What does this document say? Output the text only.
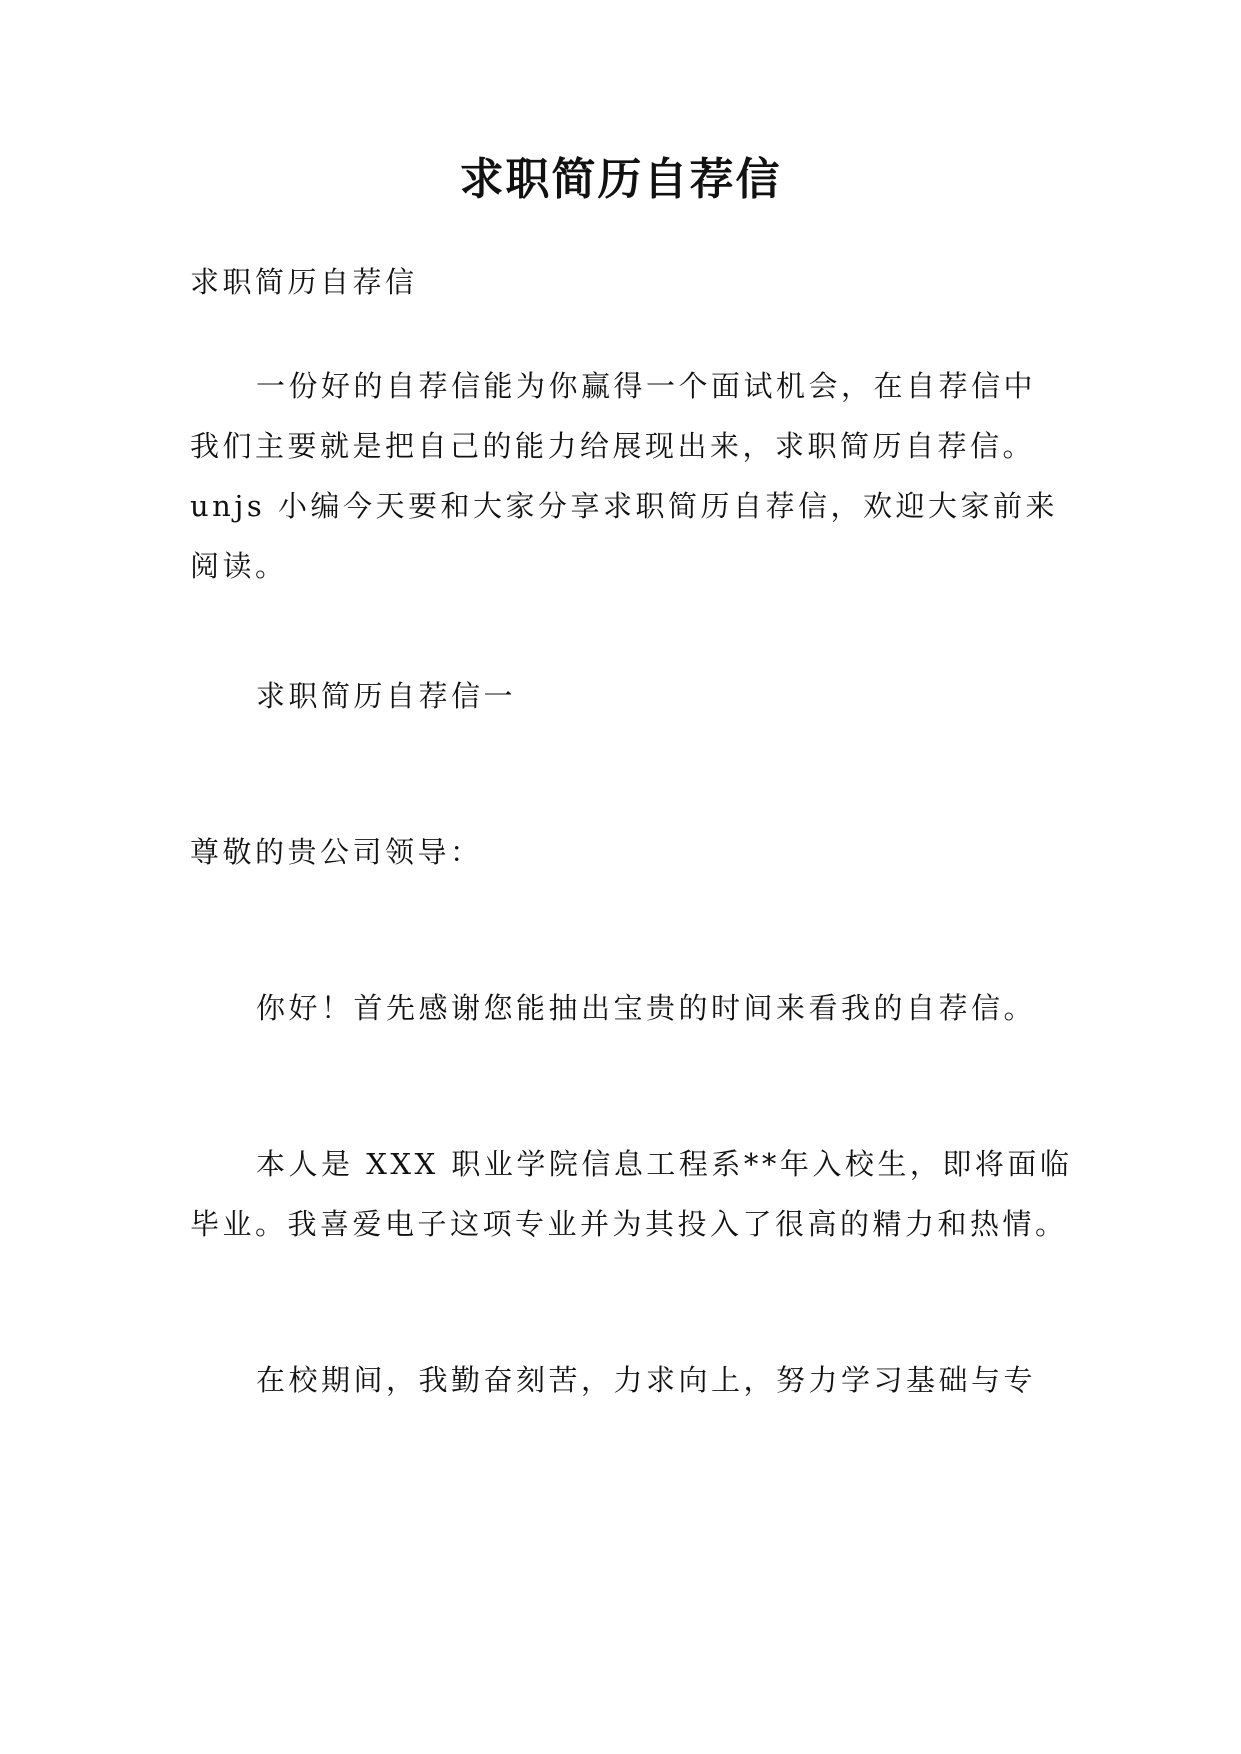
求职简历自荐信
求职简历自荐信
一份好的自荐信能为你赢得一个面试机会，在自荐信中
我们主要就是把自己的能力给展现出来，求职简历自荐信。
unjs 小编今天要和大家分享求职简历自荐信，欢迎大家前来
阅读。
求职简历自荐信一
尊敬的贵公司领导：
你好！首先感谢您能抽出宝贵的时间来看我的自荐信。
本人是 XXX 职业学院信息工程系**年入校生，即将面临
毕业。我喜爱电子这项专业并为其投入了很高的精力和热情。
在校期间，我勤奋刻苦，力求向上，努力学习基础与专
